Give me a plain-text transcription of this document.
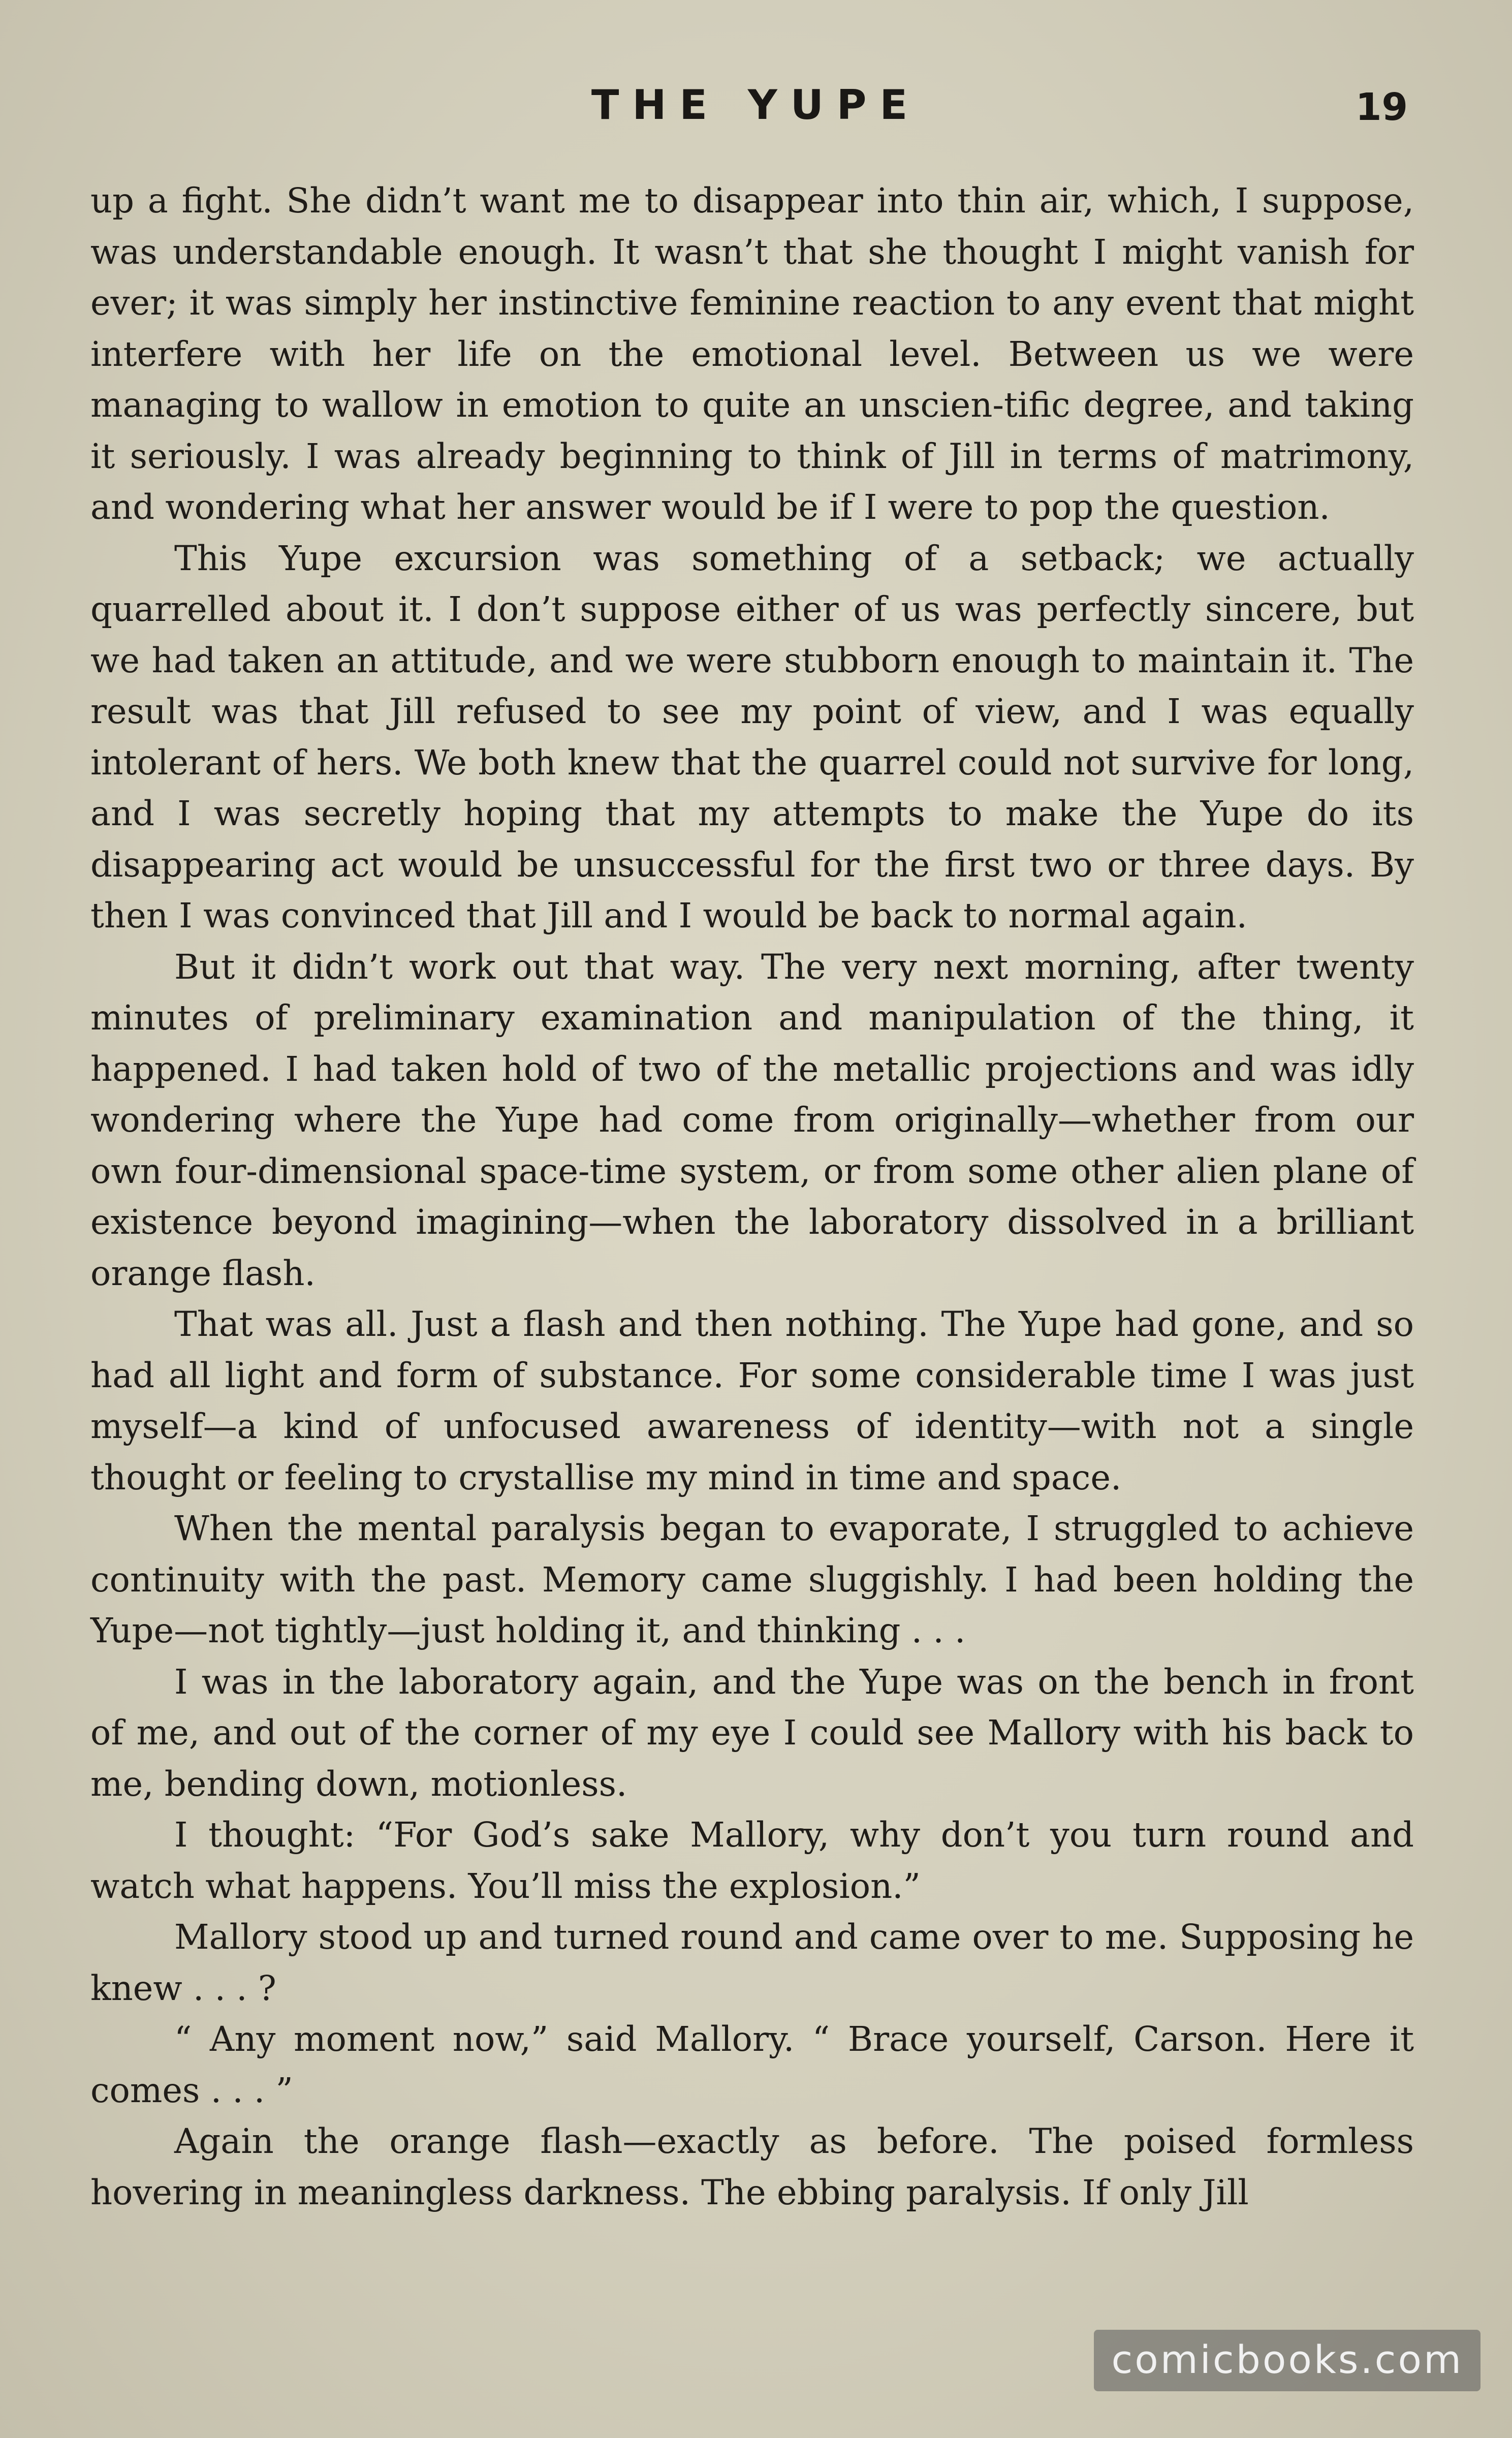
THE YUPE	19

up a fight. She didn’t want me to disappear into thin air, which, I suppose, was understandable enough. It wasn’t that she thought I might vanish for ever; it was simply her instinctive feminine reaction to any event that might interfere with her life on the emotional level. Between us we were managing to wallow in emotion to quite an unscien-tific degree, and taking it seriously. I was already beginning to think of Jill in terms of matrimony, and wondering what her answer would be if I were to pop the question.

This Yupe excursion was something of a setback; we actually quarrelled about it. I don’t suppose either of us was perfectly sincere, but we had taken an attitude, and we were stubborn enough to maintain it. The result was that Jill refused to see my point of view, and I was equally intolerant of hers. We both knew that the quarrel could not survive for long, and I was secretly hoping that my attempts to make the Yupe do its disappearing act would be unsuccessful for the first two or three days. By then I was convinced that Jill and I would be back to normal again.

But it didn’t work out that way. The very next morning, after twenty minutes of preliminary examination and manipulation of the thing, it happened. I had taken hold of two of the metallic projections and was idly wondering where the Yupe had come from originally—whether from our own four-dimensional space-time system, or from some other alien plane of existence beyond imagining—when the laboratory dissolved in a brilliant orange flash.

That was all. Just a flash and then nothing. The Yupe had gone, and so had all light and form of substance. For some considerable time I was just myself—a kind of unfocused awareness of identity—with not a single thought or feeling to crystallise my mind in time and space.

When the mental paralysis began to evaporate, I struggled to achieve continuity with the past. Memory came sluggishly. I had been holding the Yupe—not tightly—just holding it, and thinking . . .

I was in the laboratory again, and the Yupe was on the bench in front of me, and out of the corner of my eye I could see Mallory with his back to me, bending down, motionless.

I thought: “For God’s sake Mallory, why don’t you turn round and watch what happens. You’ll miss the explosion.”

Mallory stood up and turned round and came over to me. Supposing he knew . . . ?

“ Any moment now,” said Mallory. “ Brace yourself, Carson. Here it comes . . . ”

Again the orange flash—exactly as before. The poised formless hovering in meaningless darkness. The ebbing paralysis. If only Jill

comicbooks.com
